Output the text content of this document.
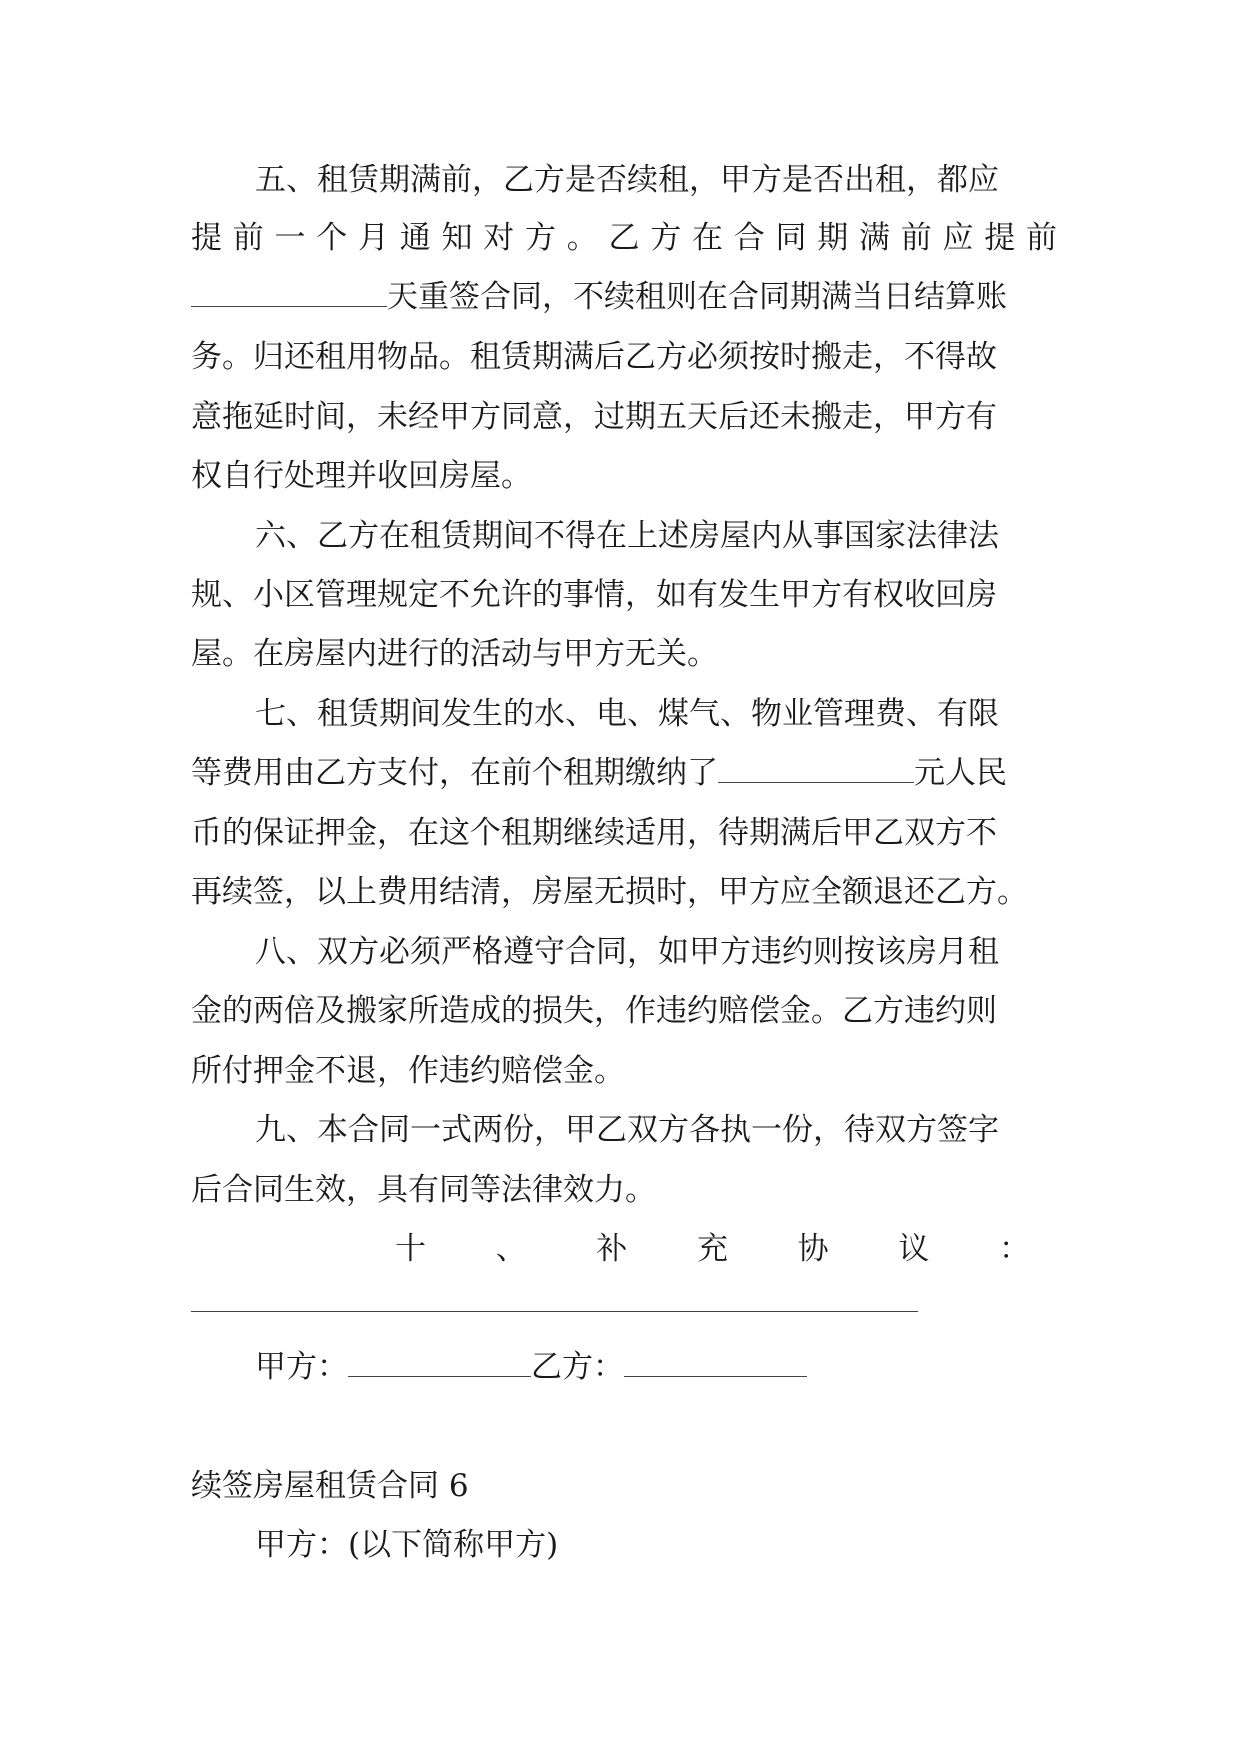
五、租赁期满前，乙方是否续租，甲方是否出租，都应
提 前 一 个 月 通 知 对 方 。 乙 方 在 合 同 期 满 前 应 提 前
天重签合同，不续租则在合同期满当日结算账
务。归还租用物品。租赁期满后乙方必须按时搬走，不得故
意拖延时间，未经甲方同意，过期五天后还未搬走，甲方有
权自行处理并收回房屋。
六、乙方在租赁期间不得在上述房屋内从事国家法律法
规、小区管理规定不允许的事情，如有发生甲方有权收回房
屋。在房屋内进行的活动与甲方无关。
七、租赁期间发生的水、电、煤气、物业管理费、有限
等费用由乙方支付，在前个租期缴纳了	元人民
币的保证押金，在这个租期继续适用，待期满后甲乙双方不
再续签，以上费用结清，房屋无损时，甲方应全额退还乙方。
八、双方必须严格遵守合同，如甲方违约则按该房月租
金的两倍及搬家所造成的损失，作违约赔偿金。乙方违约则
所付押金不退，作违约赔偿金。
九、本合同一式两份，甲乙双方各执一份，待双方签字
后合同生效，具有同等法律效力。
十 、 补 充 协 议 ：
甲方：	乙方：
续签房屋租赁合同 6
甲方：(以下简称甲方)
